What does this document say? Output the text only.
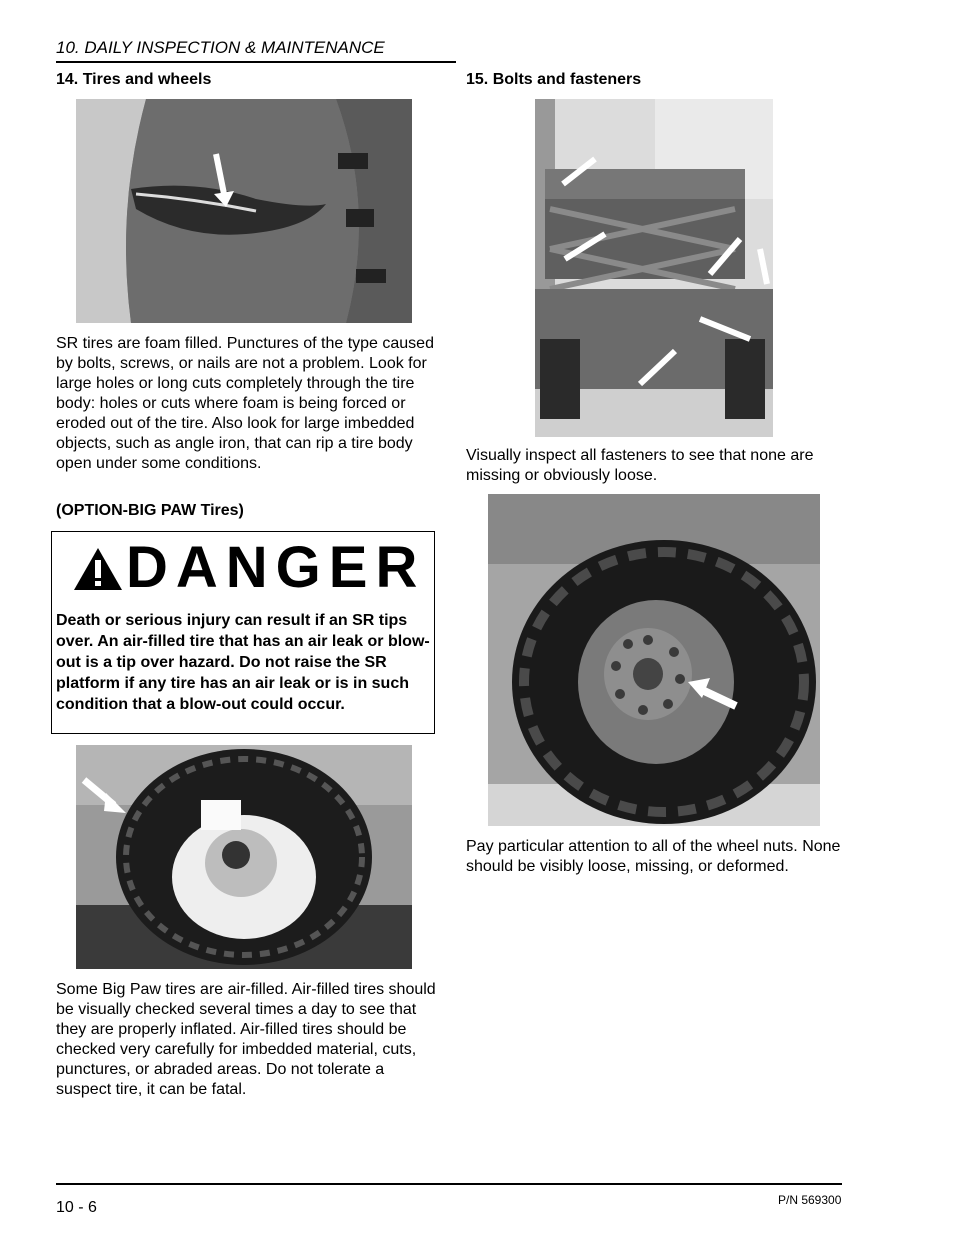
10. DAILY INSPECTION & MAINTENANCE
14. Tires and wheels
SR tires are foam filled. Punctures of the type caused by bolts, screws, or nails are not a problem. Look for large holes or long cuts completely through the tire body: holes or cuts where foam is being forced or eroded out of the tire. Also look for large imbedded objects, such as angle iron, that can rip a tire body open under some conditions.
(OPTION-BIG PAW Tires)
DANGER
Death or serious injury can result if an SR tips over. An air-filled tire that has an air leak or blow-out is a tip over hazard. Do not raise the SR platform if any tire has an air leak or is in such condition that a blow-out could occur.
Some Big Paw tires are air-filled. Air-filled tires should be visually checked several times a day to see that they are properly inflated. Air-filled tires should be checked very carefully for imbedded material, cuts, punctures, or abraded areas. Do not tolerate a suspect tire, it can be fatal.
15. Bolts and fasteners
Visually inspect all fasteners to see that none are missing or obviously loose.
Pay particular attention to all of the wheel nuts. None should be visibly loose, missing, or deformed.
10 - 6	P/N 569300
